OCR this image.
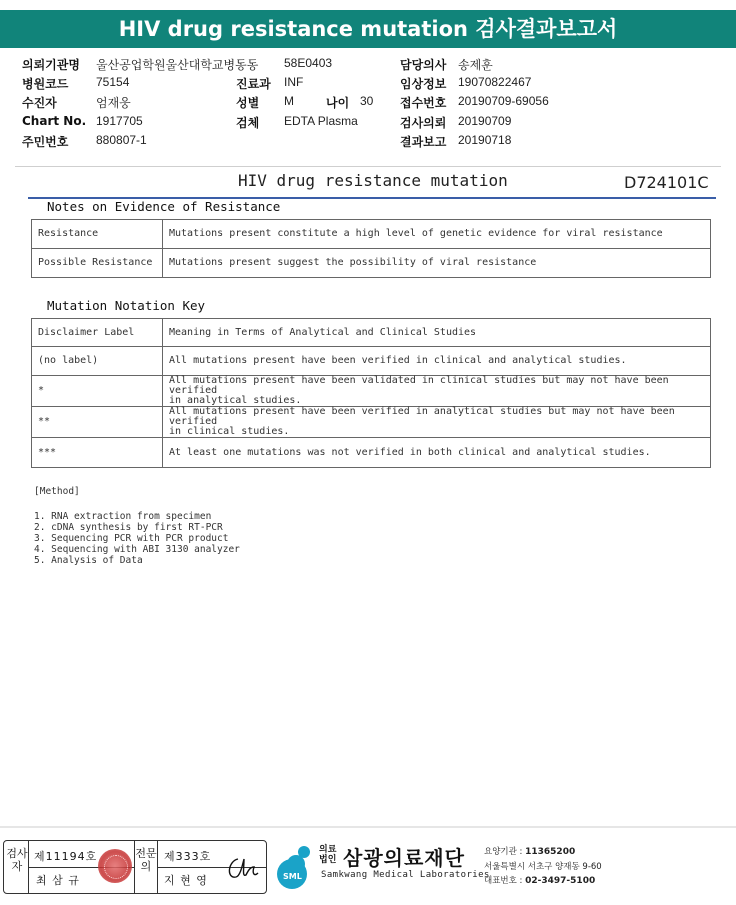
HIV drug resistance mutation 검사결과보고서
의뢰기관명 울산공업학원울산대학교병동동 58E0403	담당의사 송제훈
병원코드 75154	진료과 INF	임상정보 19070822467
수진자	엄재웅	성별 M	나이 30 접수번호 20190709-69056
Chart No. 1917705	검체 EDTA Plasma	검사의뢰 20190709
주민번호 880807-1	결과보고 20190718
HIV drug resistance mutation	D724101C
Notes on Evidence of Resistance
Resistance	Mutations present constitute a high level of genetic evidence for viral resistance
Possible Resistance	Mutations present suggest the possibility of viral resistance
Mutation Notation Key
Disclaimer Label	Meaning in Terms of Analytical and Clinical Studies
(no label)	All mutations present have been verified in clinical and analytical studies.

*	All mutations present have been validated in clinical studies but may not have been verified
in analytical studies.

**	All mutations present have been verified in analytical studies but may not have been verified
in clinical studies.

***	At least one mutations was not verified in both clinical and analytical studies.
[Method]
1. RNA extraction from specimen
2. cDNA synthesis by first RT-PCR
3. Sequencing PCR with PCR product
4. Sequencing with ABI 3130 analyzer
5. Analysis of Data
검사자
제11194호
최 삼 규
전문의
제333호
지 현 영	SML
의료
법인 삼광의료재단
Samkwang Medical Laboratories
요양기관 : 11365200
서울특별시 서초구 양재동 9-60
대표번호 : 02-3497-5100
